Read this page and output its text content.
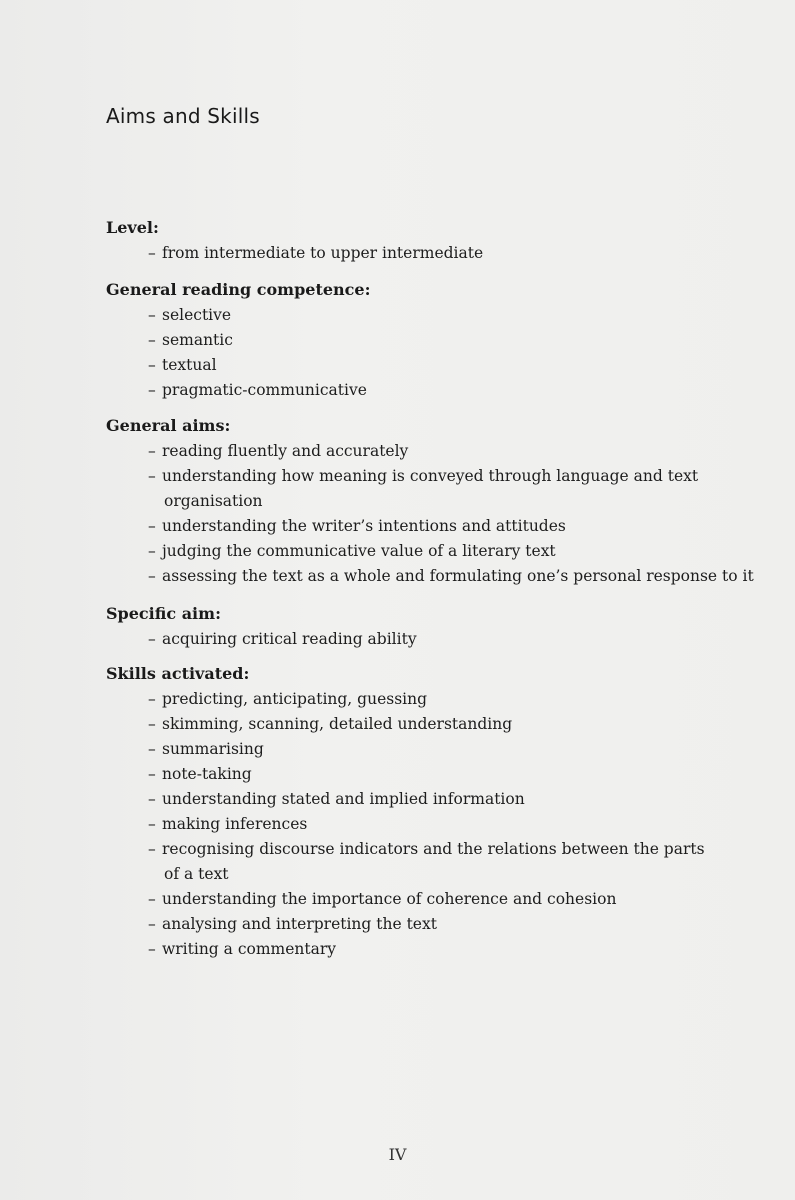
Aims and Skills

Level:

– from intermediate to upper intermediate

General reading competence:

– selective
– semantic
– textual
– pragmatic-communicative

General aims:

– reading fluently and accurately
– understanding how meaning is conveyed through language and text
organisation
– understanding the writer’s intentions and attitudes
– judging the communicative value of a literary text
– assessing the text as a whole and formulating one’s personal response to it

Specific aim:

– acquiring critical reading ability

Skills activated:

– predicting, anticipating, guessing
– skimming, scanning, detailed understanding
– summarising
– note-taking
– understanding stated and implied information
– making inferences
– recognising discourse indicators and the relations between the parts
of a text
– understanding the importance of coherence and cohesion
– analysing and interpreting the text
– writing a commentary
IV
